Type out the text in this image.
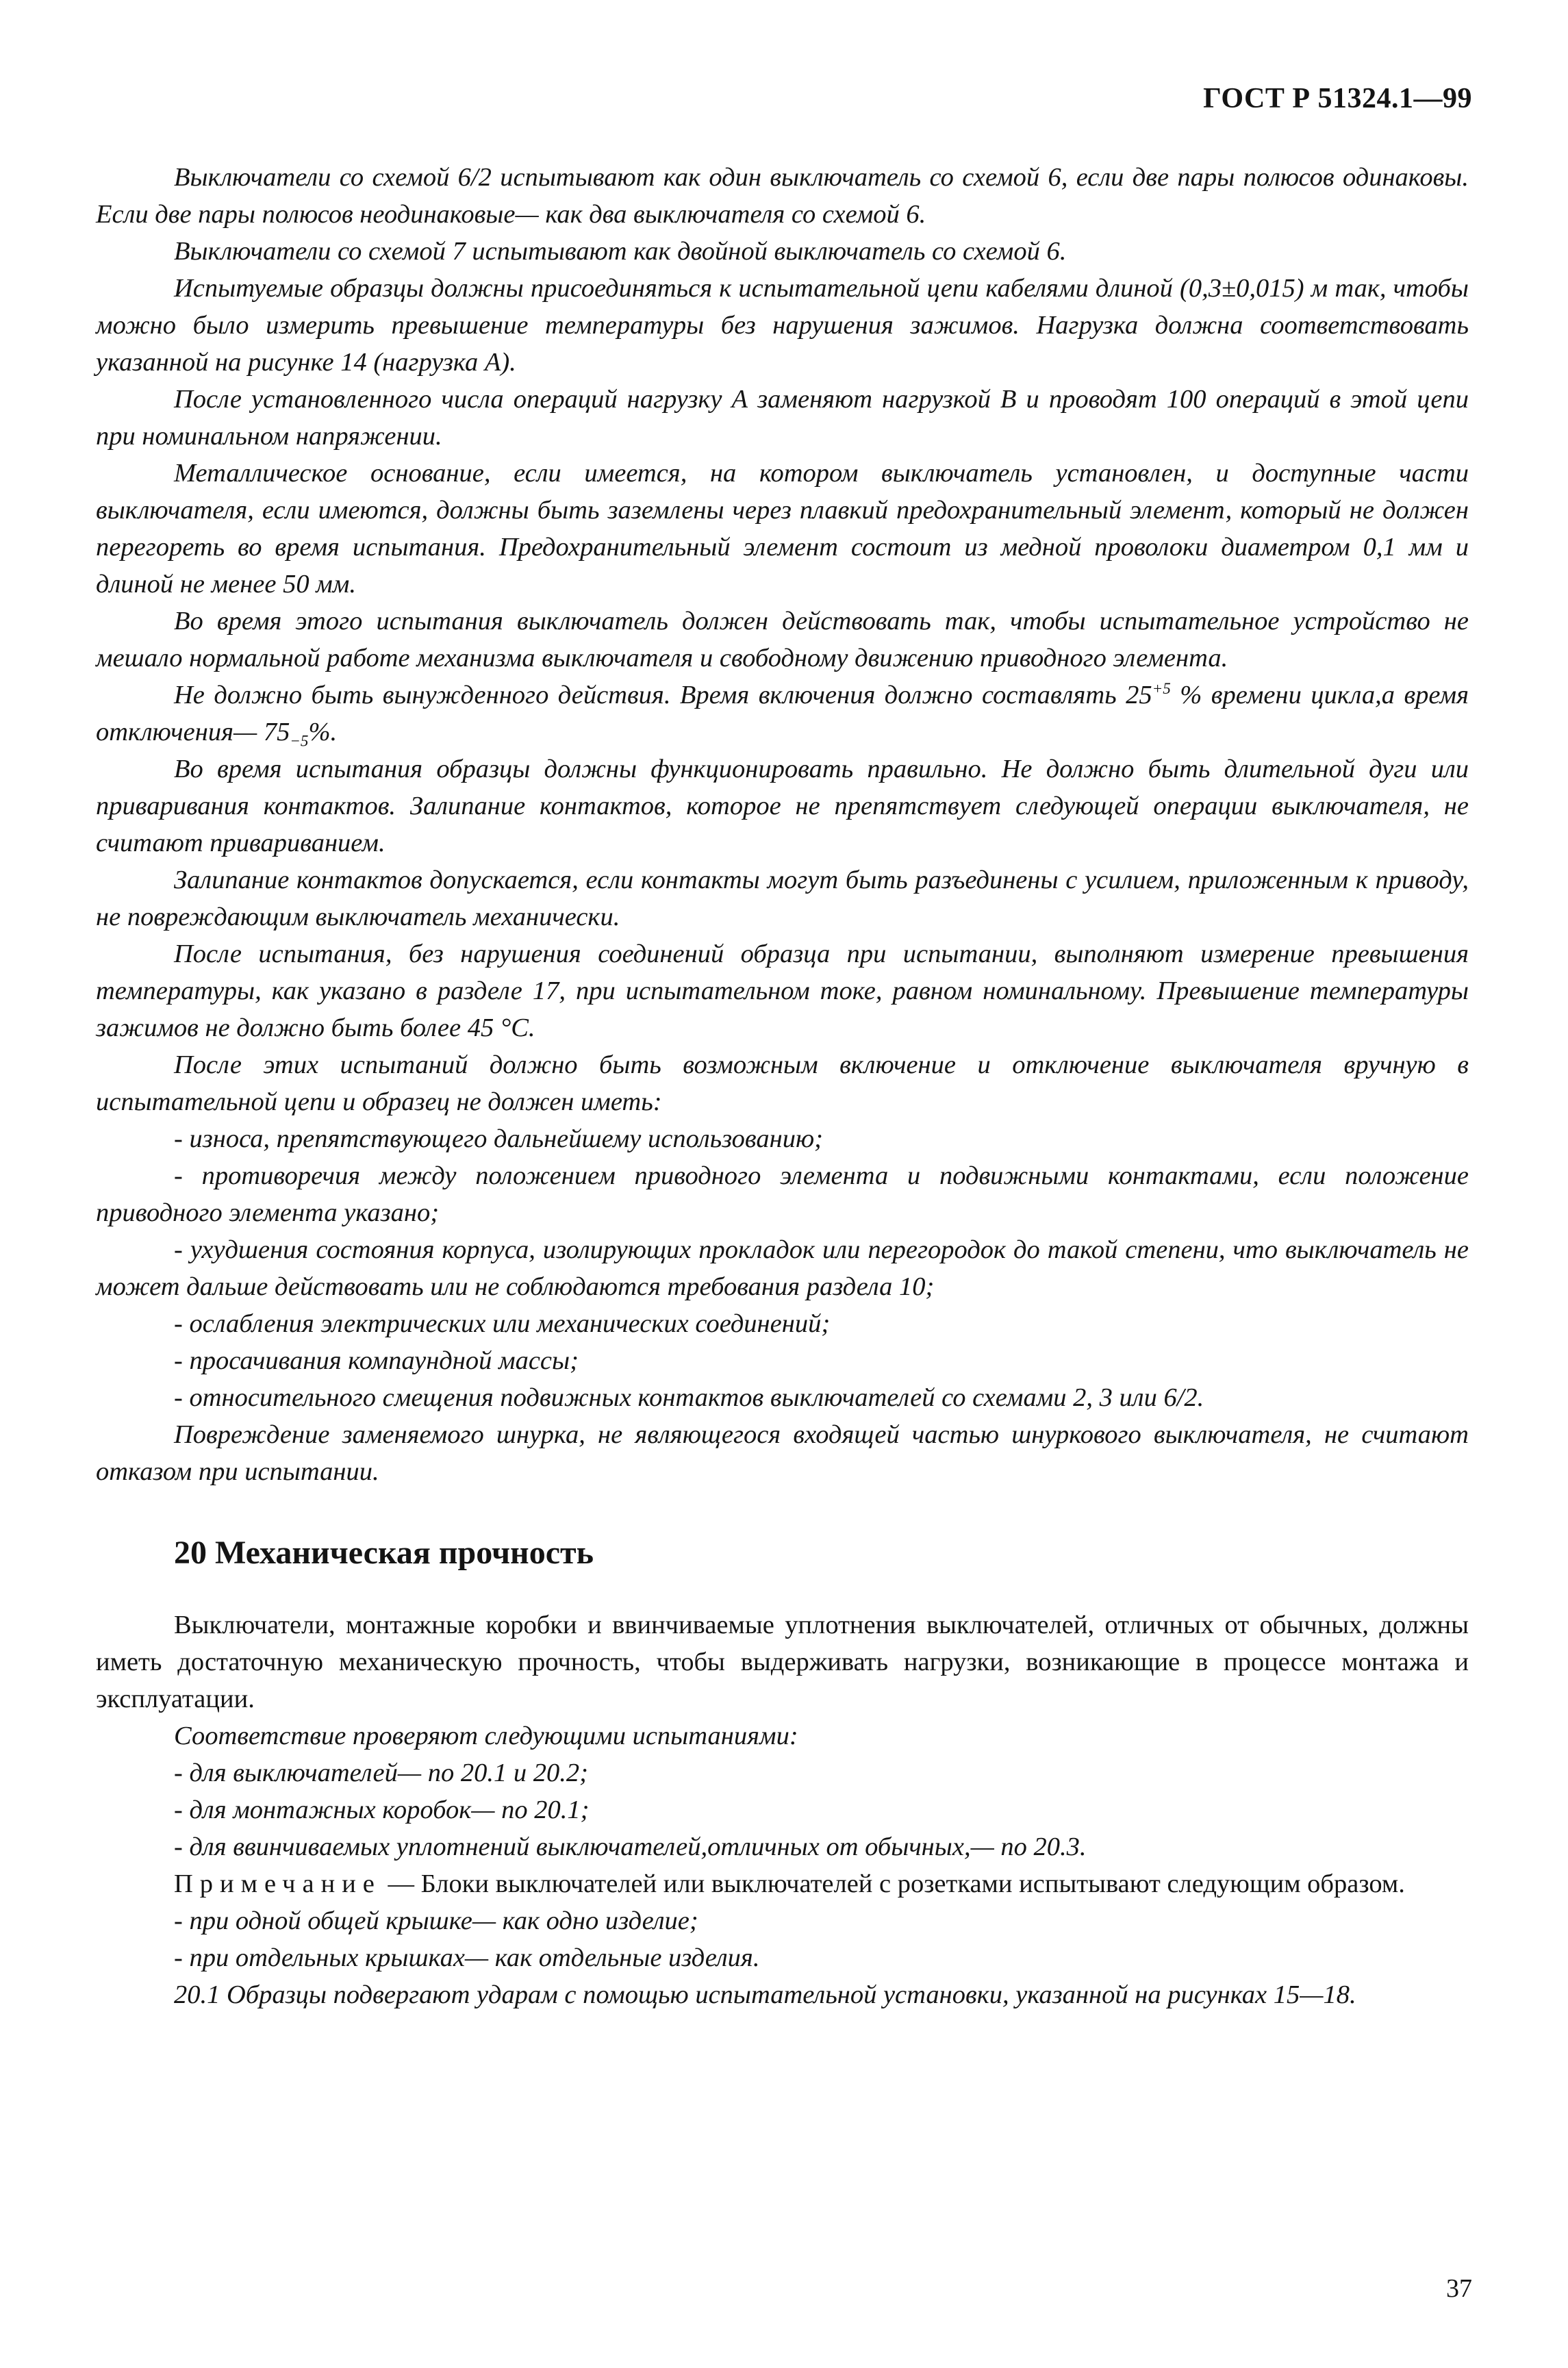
ГОСТ Р 51324.1—99

Выключатели со схемой 6/2 испытывают как один выключатель со схемой 6, если две пары полюсов одинаковы. Если две пары полюсов неодинаковые— как два выключателя со схемой 6.

Выключатели со схемой 7 испытывают как двойной выключатель со схемой 6.

Испытуемые образцы должны присоединяться к испытательной цепи кабелями длиной (0,3±0,015) м так, чтобы можно было измерить превышение температуры без нарушения зажимов. Нагрузка должна соответствовать указанной на рисунке 14 (нагрузка А).

После установленного числа операций нагрузку А заменяют нагрузкой В и проводят 100 операций в этой цепи при номинальном напряжении.

Металлическое основание, если имеется, на котором выключатель установлен, и доступные части выключателя, если имеются, должны быть заземлены через плавкий предохранительный элемент, который не должен перегореть во время испытания. Предохранительный элемент состоит из медной проволоки диаметром 0,1 мм и длиной не менее 50 мм.

Во время этого испытания выключатель должен действовать так, чтобы испытательное устройство не мешало нормальной работе механизма выключателя и свободному движению приводного элемента.

Не должно быть вынужденного действия. Время включения должно составлять $25^{+5}$ % времени цикла,а время отключения— $75_{-5}\%$.

Во время испытания образцы должны функционировать правильно. Не должно быть длительной дуги или приваривания контактов. Залипание контактов, которое не препятствует следующей операции выключателя, не считают привариванием.

Залипание контактов допускается, если контакты могут быть разъединены с усилием, приложенным к приводу, не повреждающим выключатель механически.

После испытания, без нарушения соединений образца при испытании, выполняют измерение превышения температуры, как указано в разделе 17, при испытательном токе, равном номинальному. Превышение температуры зажимов не должно быть более 45 °С.

После этих испытаний должно быть возможным включение и отключение выключателя вручную в испытательной цепи и образец не должен иметь:

- износа, препятствующего дальнейшему использованию;

- противоречия между положением приводного элемента и подвижными контактами, если положение приводного элемента указано;

- ухудшения состояния корпуса, изолирующих прокладок или перегородок до такой степени, что выключатель не может дальше действовать или не соблюдаются требования раздела 10;

- ослабления электрических или механических соединений;

- просачивания компаундной массы;

- относительного смещения подвижных контактов выключателей со схемами 2, 3 или 6/2.

Повреждение заменяемого шнурка, не являющегося входящей частью шнуркового выключателя, не считают отказом при испытании.

20 Механическая прочность

Выключатели, монтажные коробки и ввинчиваемые уплотнения выключателей, отличных от обычных, должны иметь достаточную механическую прочность, чтобы выдерживать нагрузки, возникающие в процессе монтажа и эксплуатации.

Соответствие проверяют следующими испытаниями:

- для выключателей— по 20.1 и 20.2;

- для монтажных коробок— по 20.1;

- для ввинчиваемых уплотнений выключателей,отличных от обычных,— по 20.3.

Примечание — Блоки выключателей или выключателей с розетками испытывают следующим образом.

- при одной общей крышке— как одно изделие;

- при отдельных крышках— как отдельные изделия.

20.1 Образцы подвергают ударам с помощью испытательной установки, указанной на рисунках 15—18.

37
